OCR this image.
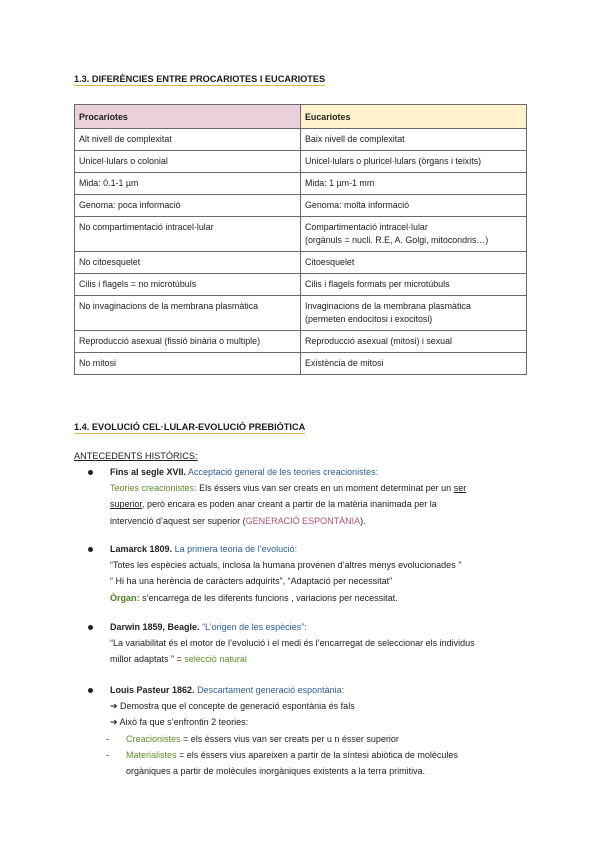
1.3. DIFERÈNCIES ENTRE PROCARIOTES I EUCARIOTES
Procariotes	Eucariotes
Alt nivell de complexitat	Baix nivell de complexitat
Unicel·lulars o colonial	Unicel·lulars o pluricel·lulars (òrgans i teixits)
Mida: 0.1-1 µm	Mida: 1 µm-1 mm
Genoma: poca informació	Genoma: molta informació
No compartimentació intracel·lular	Compartimentació intracel·lular
(orgànuls = nucli. R.E, A. Golgi, mitocondris…)

No citoesquelet	Citoesquelet
Cilis i flagels = no microtúbuls	Cilis i flagels formats per microtúbuls
No invaginacions de la membrana plasmàtica	Invaginacions de la membrana plasmàtica
(permeten endocitosi i exocitosi)

Reproducció asexual (fissió binària o multiple)	Reproducció asexual (mitosi) i sexual
No mitosi	Existència de mitosi
1.4. EVOLUCIÓ CEL·LULAR-EVOLUCIÓ PREBIÒTICA
ANTECEDENTS HISTÒRICS:
Fins al segle XVII. Acceptació general de les teories creacionistes:
Teories creacionistes: Els éssers vius van ser creats en un moment determinat per un ser
superior, però encara es poden anar creant a partir de la matèria inanimada per la
intervenció d’aquest ser superior (GENERACIÓ ESPONTÀNIA).
Lamarck 1809. La primera teoria de l’evolució:
“Totes les espècies actuals, inclosa la humana provenen d’altres menys evolucionades ”
“ Hi ha una herència de caràcters adquirits”, “Adaptació per necessitat”
Òrgan: s’encarrega de les diferents funcions , variacions per necessitat.
Darwin 1859, Beagle. “L’origen de les espècies”:
“La variabilitat és el motor de l’evolució i el medi és l’encarregat de seleccionar els individus
millor adaptats ” = selecció natural
Louis Pasteur 1862. Descartament generació espontània:
➔ Demostra que el concepte de generació espontània és fals
➔ Això fa que s’enfrontin 2 teories:
- Creacionistes = els éssers vius van ser creats per u n ésser superior
- Materialistes = els éssers vius apareixen a partir de la síntesi abiòtica de molècules
orgàniques a partir de molècules inorgàniques existents a la terra primitiva.
